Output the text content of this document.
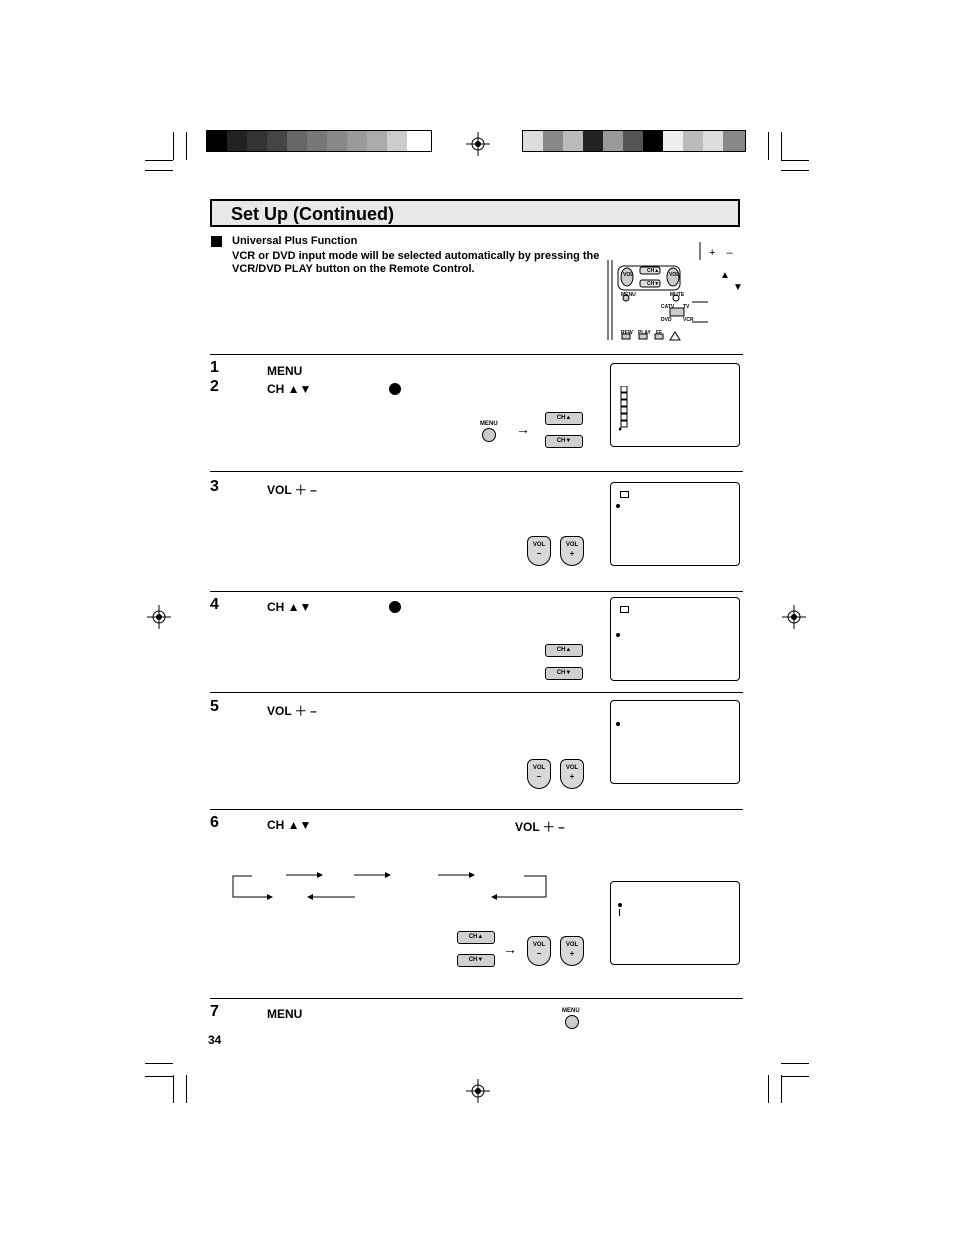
Set Up (Continued)
Universal Plus Function
VCR or DVD input mode will be selected automatically by pressing the VCR/DVD PLAY button on the Remote Control.	VOL
CH▲
CH▼
VOL
MENU	MUTE
CATV TV
DVD VCR
REW PLAY FF
+ –
▲
▼
1
2
MENU
CH ▲▼
MENU →
CH▲
CH▼
3	VOL ＋ –
VOL
–
VOL
+
4	CH ▲▼
CH▲
CH▼
5	VOL ＋ –
VOL
–
VOL
+
6	CH ▲▼	VOL ＋ –
CH▲
CH▼
→	VOL
–
VOL
+
7	MENU	MENU
34
